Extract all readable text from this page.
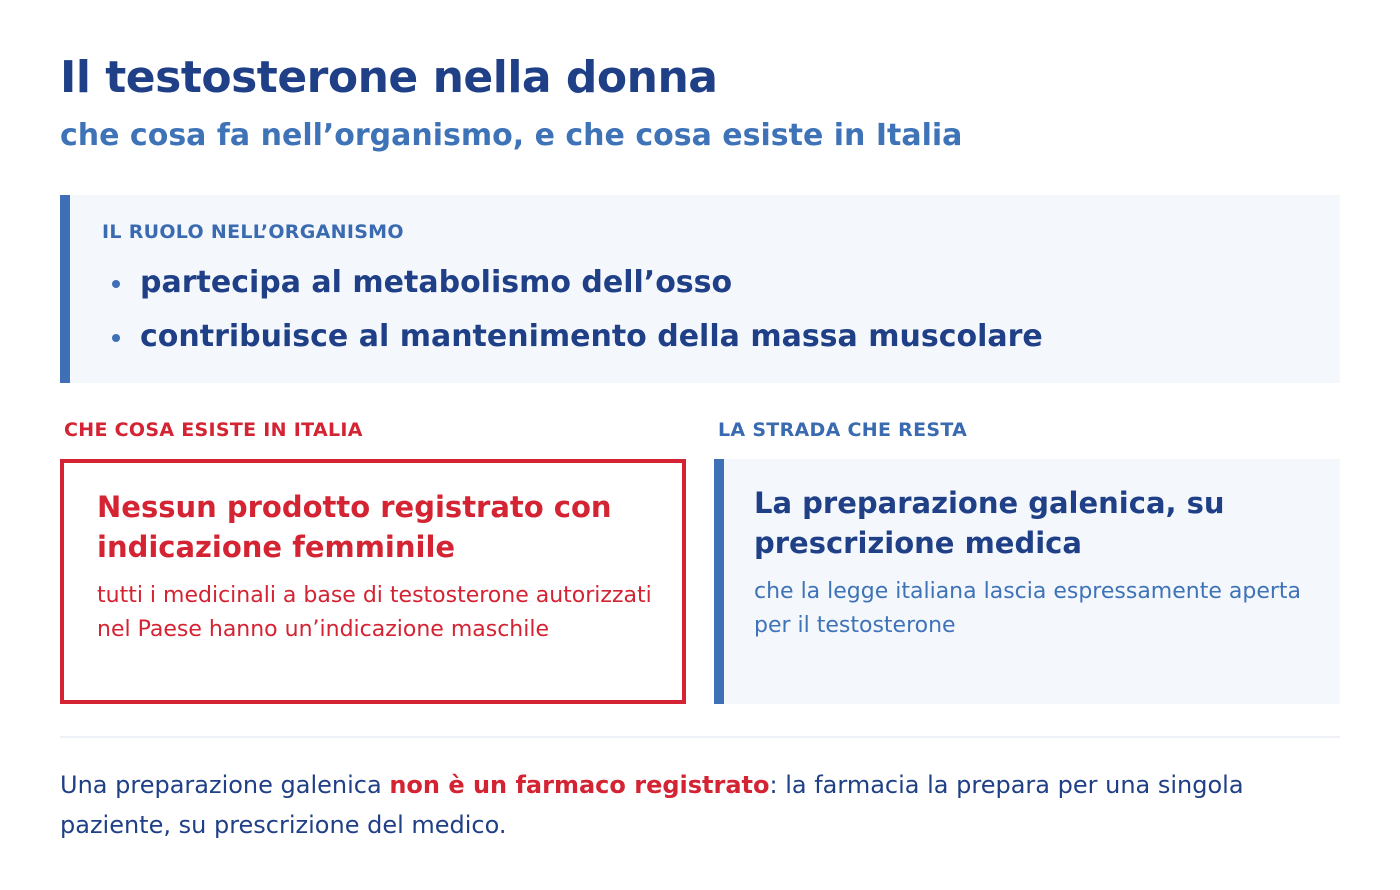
Il testosterone nella donna
che cosa fa nell’organismo, e che cosa esiste in Italia
IL RUOLO NELL’ORGANISMO
partecipa al metabolismo dell’osso
contribuisce al mantenimento della massa muscolare
CHE COSA ESISTE IN ITALIA	LA STRADA CHE RESTA
Nessun prodotto registrato con indicazione femminile

tutti i medicinali a base di testosterone autorizzati nel Paese hanno un’indicazione maschile

La preparazione galenica, su prescrizione medica

che la legge italiana lascia espressamente aperta per il testosterone

Una preparazione galenica non è un farmaco registrato: la farmacia la prepara per una singola paziente, su prescrizione del medico.
